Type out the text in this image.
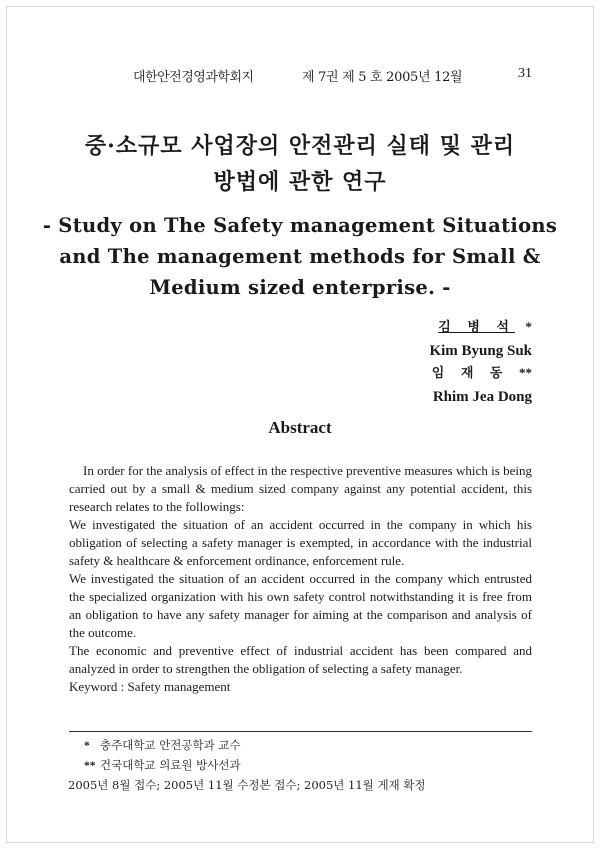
대한안전경영과학회지	제 7권 제 5 호 2005년 12월	31
중·소규모 사업장의 안전관리 실태 및 관리
방법에 관한 연구
- Study on The Safety management Situations
and The management methods for Small &
Medium sized enterprise. -
김 병 석 *
Kim Byung Suk
임 재 동 **
Rhim Jea Dong
Abstract

In order for the analysis of effect in the respective preventive measures which is being carried out by a small & medium sized company against any potential accident, this research relates to the followings:

We investigated the situation of an accident occurred in the company in which his obligation of selecting a safety manager is exempted, in accordance with the industrial safety & healthcare & enforcement ordinance, enforcement rule.

We investigated the situation of an accident occurred in the company which entrusted the specialized organization with his own safety control notwithstanding it is free from an obligation to have any safety manager for aiming at the comparison and analysis of the outcome.

The economic and preventive effect of industrial accident has been compared and analyzed in order to strengthen the obligation of selecting a safety manager.

Keyword : Safety management
* 충주대학교 안전공학과 교수
** 건국대학교 의료원 방사선과
2005년 8월 접수; 2005년 11월 수정본 접수; 2005년 11월 게재 확정
